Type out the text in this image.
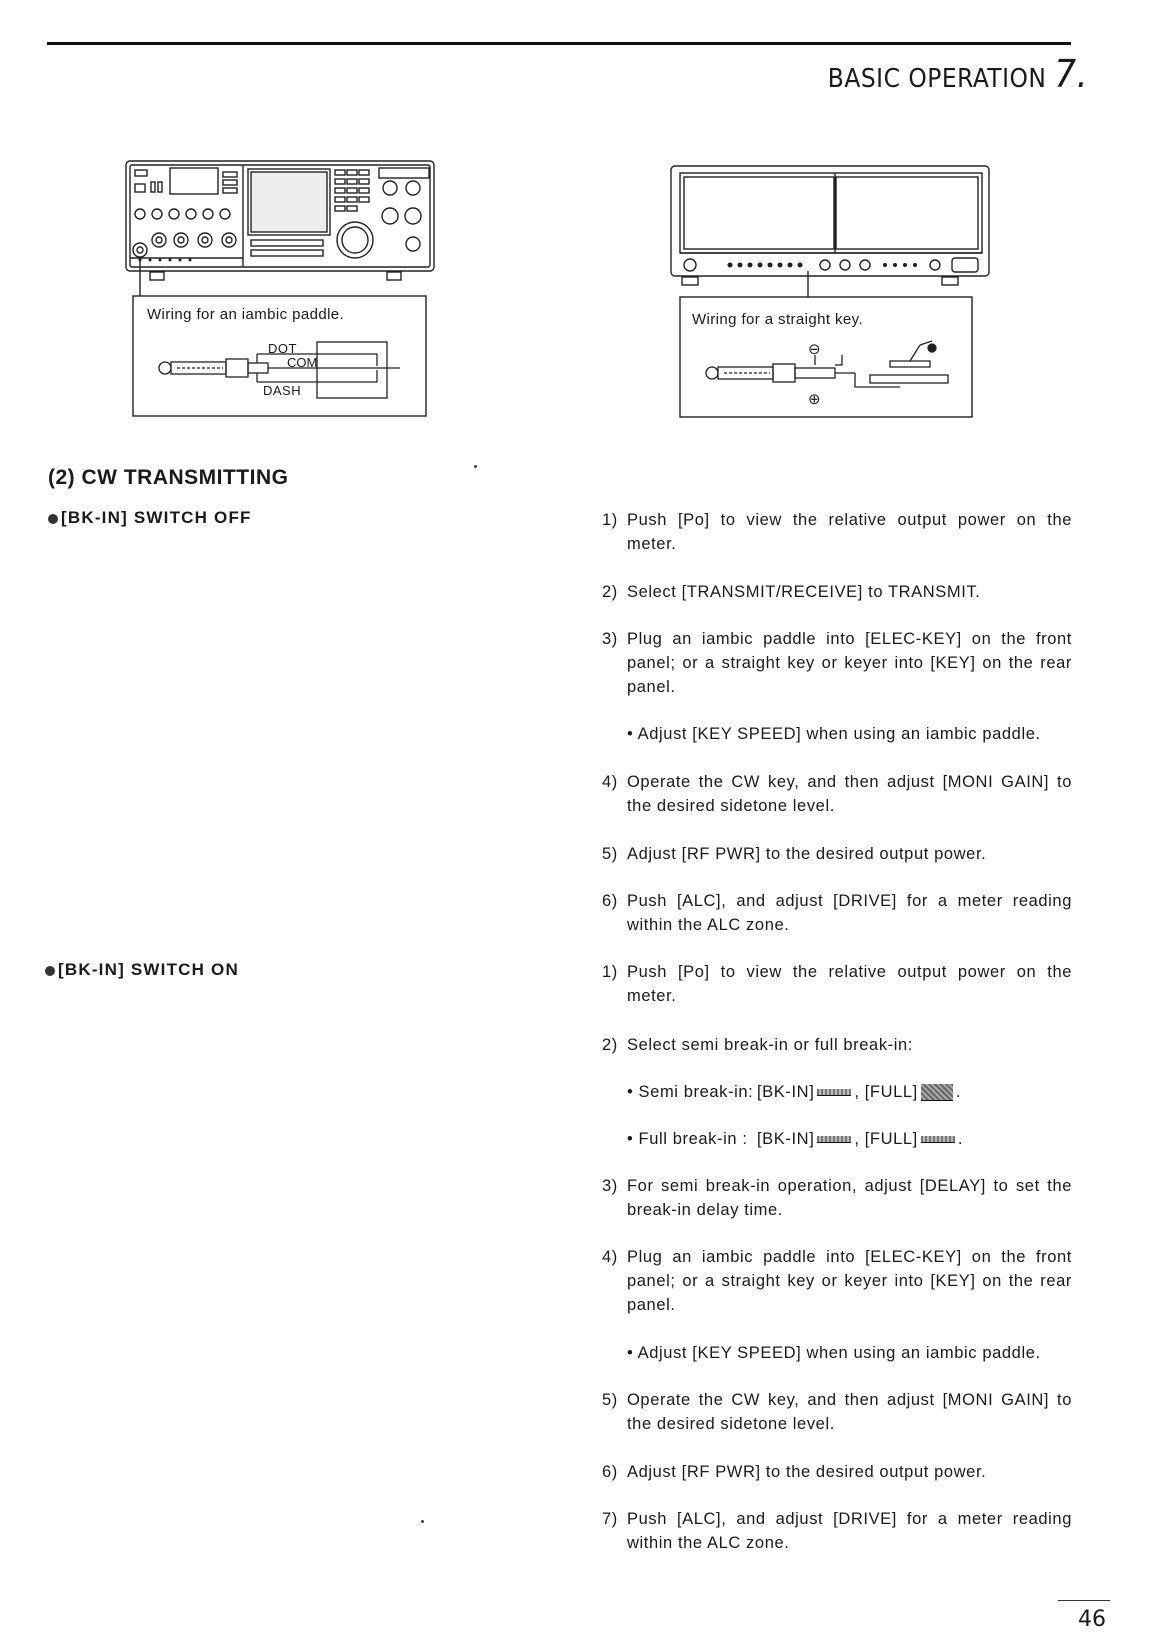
BASIC OPERATION 7.
Wiring for an iambic paddle.
DOT
COM
DASH
Wiring for a straight key.
⊖
⊕
(2) CW TRANSMITTING
[BK-IN] SWITCH OFF	1) Push [Po] to view the relative output power on the meter.
2) Select [TRANSMIT/RECEIVE] to TRANSMIT.
3) Plug an iambic paddle into [ELEC-KEY] on the front panel; or a straight key or keyer into [KEY] on the rear panel.
• Adjust [KEY SPEED] when using an iambic paddle.
4) Operate the CW key, and then adjust [MONI GAIN] to the desired sidetone level.
5) Adjust [RF PWR] to the desired output power.
6) Push [ALC], and adjust [DRIVE] for a meter reading within the ALC zone.
[BK-IN] SWITCH ON	1) Push [Po] to view the relative output power on the meter.
2) Select semi break-in or full break-in:
• Semi break-in: [BK-IN] , [FULL] .
• Full break-in : [BK-IN] , [FULL] .
3) For semi break-in operation, adjust [DELAY] to set the break-in delay time.
4) Plug an iambic paddle into [ELEC-KEY] on the front panel; or a straight key or keyer into [KEY] on the rear panel.
• Adjust [KEY SPEED] when using an iambic paddle.
5) Operate the CW key, and then adjust [MONI GAIN] to the desired sidetone level.
6) Adjust [RF PWR] to the desired output power.
7) Push [ALC], and adjust [DRIVE] for a meter reading within the ALC zone.
46
